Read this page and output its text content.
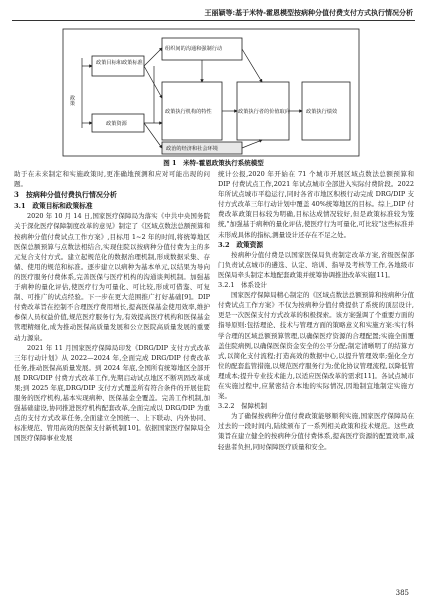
王丽颖等:基于米特-霍恩模型按病种分值付费支付方式执行情况分析
政策
政策目标和政策标准
政策资源
组织间的沟通和强制行动
政策执行机构的特性	政策执行者的价值取向
政治的经济和社会环境
政策执行绩效
图 1　米特-霍恩政策执行系统模型

助于在未来制定和实施政策时,更准确地预测和应对可能出现的问题。

3　按病种分值付费执行情况分析
3.1　政策目标和政策标准

2020 年 10 月 14 日,国家医疗保障局为落实《中共中央国务院关于深化医疗保障制度改革的意见》制定了《区域点数法总额预算和按病种分值付费试点工作方案》,目标用 1~2 年的时间,将统筹地区医保总额预算与点数法相结合,实现住院以按病种分值付费为主的多元复合支付方式。建立起规范化的数据治理机制,形成数据采集、存储、使用的规范和标准。逐步建立以病种为基本单元,以结果为导向的医疗服务付费体系,完善医保与医疗机构的沟通谈判机制。加强基于病种的量化评估,使医疗行为可量化、可比较,形成可借鉴、可复制、可推广的试点经验。下一步在更大范围推广打好基础[9]。DIP 付费改革旨在控制不合理医疗费用增长,提高医保基金使用效率,维护参保人员权益价值,规范医疗服务行为,有效提高医疗机构和医保基金管理精细化,成为推动医保高质量发展和公立医院高质量发展的重要动力源泉。

2021 年 11 月国家医疗保障局印发《DRG/DIP 支付方式改革三年行动计划》从 2022—2024 年,全面完成 DRG/DIP 付费改革任务,推动医保高质量发展。到 2024 年底,全国所有统筹地区全部开展 DRG/DIP 付费方式改革工作,先期启动试点地区不断巩固改革成果;到 2025 年底,DRG/DIP 支付方式覆盖所有符合条件的开展住院服务的医疗机构,基本实现病种、医保基金全覆盖。完善工作机制,加强基础建设,协同推进医疗机构配套改革,全面完成以 DRG/DIP 为重点的支付方式改革任务,全面建立全国统一、上下联动、内外协同、标准规范、管用高效的医保支付新机制[10]。依据国家医疗保障局全国医疗保障事业发展

统计公报,2020 年开始在 71 个城市开展区域点数法总额预算和 DIP 付费试点工作,2021 年试点城市全部进入实际付费阶段。2022 年所试点城市平稳运行,同时各省市地区积极行动完成 DRG/DIP 支付方式改革三年行动计划中覆盖 40%统筹地区的目标。综上,DIP 付费改革政策目标较为明确,目标达成情况较好,但是政策标准较为笼统,"加强基于病种的量化评估,使医疗行为可量化,可比较"这些标准并未形成具体的指标,测量设计还存在不足之处。

3.2　政策资源

按病种分值付费是以国家医保局负责制定改革方案,省级医保部门负责试点城市的遴选、认定、培训、指导及考核等工作,各地级市医保局牵头制定本地配套政策并统筹协调推进改革实施[11]。

3.2.1　体系设计

国家医疗保障局精心制定的《区域点数法总额预算和按病种分值付费试点工作方案》不仅为按病种分值付费提供了系统的顶层设计,更是一次医保支付方式改革的积极探索。该方案强调了个重要方面的指导原则:包括理论、技术与管理方面的策略意义和实施方案:实行科学合理的区域总额预算管理,以确保医疗资源的合理配置;实施全面覆盖住院病例,以确保医保资金安全的公平分配;制定清晰明了的结算方式,以简化支付流程;打造高效的数据中心,以提升管理效率;强化全方位的配套监管措施,以规范医疗服务行为;优化协议管理流程,以降低管理成本;提升专业技术能力,以适应医保改革的需求[11]。各试点城市在实施过程中,应紧密结合本地的实际情况,因地制宜地制定实施方案。

3.2.2　保障机制

为了确保按病种分值付费政策能够顺利实施,国家医疗保障局在过去的一段时间内,陆续颁布了一系列相关政策和技术规范。这些政策旨在建立健全的按病种分值付费体系,提高医疗资源的配置效率,减轻患者负担,同时保障医疗质量和安全。

385
